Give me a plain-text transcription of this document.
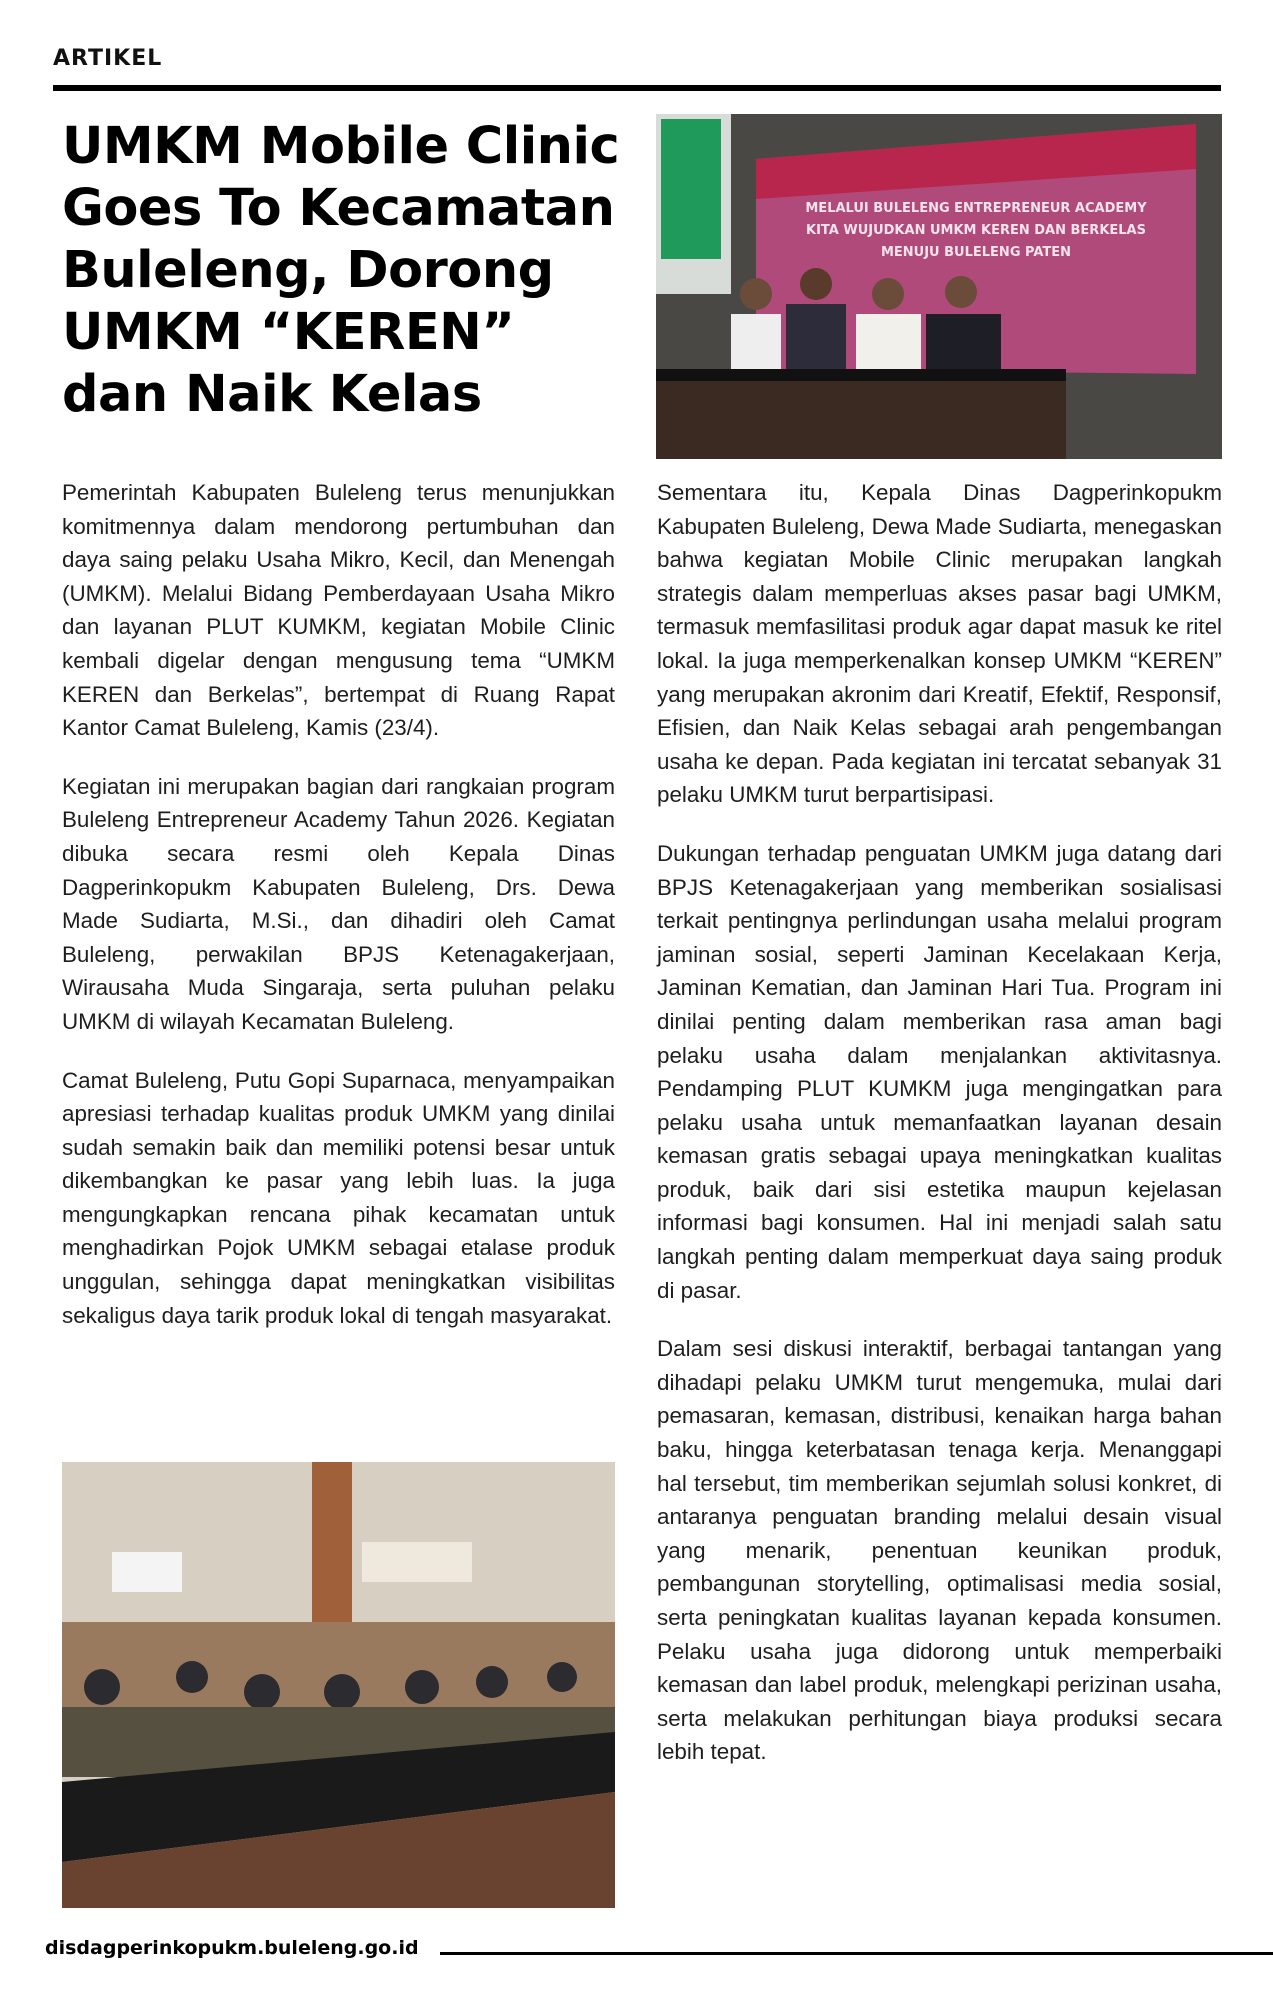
ARTIKEL
UMKM Mobile Clinic Goes To Kecamatan Buleleng, Dorong UMKM “KEREN” dan Naik Kelas
MELALUI BULELENG ENTREPRENEUR ACADEMY
KITA WUJUDKAN UMKM KEREN DAN BERKELAS
MENUJU BULELENG PATEN

Pemerintah Kabupaten Buleleng terus menunjukkan komitmennya dalam mendorong pertumbuhan dan daya saing pelaku Usaha Mikro, Kecil, dan Menengah (UMKM). Melalui Bidang Pemberdayaan Usaha Mikro dan layanan PLUT KUMKM, kegiatan Mobile Clinic kembali digelar dengan mengusung tema “UMKM KEREN dan Berkelas”, bertempat di Ruang Rapat Kantor Camat Buleleng, Kamis (23/4).

Kegiatan ini merupakan bagian dari rangkaian program Buleleng Entrepreneur Academy Tahun 2026. Kegiatan dibuka secara resmi oleh Kepala Dinas Dagperinkopukm Kabupaten Buleleng, Drs. Dewa Made Sudiarta, M.Si., dan dihadiri oleh Camat Buleleng, perwakilan BPJS Ketenagakerjaan, Wirausaha Muda Singaraja, serta puluhan pelaku UMKM di wilayah Kecamatan Buleleng.

Camat Buleleng, Putu Gopi Suparnaca, menyampaikan apresiasi terhadap kualitas produk UMKM yang dinilai sudah semakin baik dan memiliki potensi besar untuk dikembangkan ke pasar yang lebih luas. Ia juga mengungkapkan rencana pihak kecamatan untuk menghadirkan Pojok UMKM sebagai etalase produk unggulan, sehingga dapat meningkatkan visibilitas sekaligus daya tarik produk lokal di tengah masyarakat.

Sementara itu, Kepala Dinas Dagperinkopukm Kabupaten Buleleng, Dewa Made Sudiarta, menegaskan bahwa kegiatan Mobile Clinic merupakan langkah strategis dalam memperluas akses pasar bagi UMKM, termasuk memfasilitasi produk agar dapat masuk ke ritel lokal. Ia juga memperkenalkan konsep UMKM “KEREN” yang merupakan akronim dari Kreatif, Efektif, Responsif, Efisien, dan Naik Kelas sebagai arah pengembangan usaha ke depan. Pada kegiatan ini tercatat sebanyak 31 pelaku UMKM turut berpartisipasi.

Dukungan terhadap penguatan UMKM juga datang dari BPJS Ketenagakerjaan yang memberikan sosialisasi terkait pentingnya perlindungan usaha melalui program jaminan sosial, seperti Jaminan Kecelakaan Kerja, Jaminan Kematian, dan Jaminan Hari Tua. Program ini dinilai penting dalam memberikan rasa aman bagi pelaku usaha dalam menjalankan aktivitasnya. Pendamping PLUT KUMKM juga mengingatkan para pelaku usaha untuk memanfaatkan layanan desain kemasan gratis sebagai upaya meningkatkan kualitas produk, baik dari sisi estetika maupun kejelasan informasi bagi konsumen. Hal ini menjadi salah satu langkah penting dalam memperkuat daya saing produk di pasar.

Dalam sesi diskusi interaktif, berbagai tantangan yang dihadapi pelaku UMKM turut mengemuka, mulai dari pemasaran, kemasan, distribusi, kenaikan harga bahan baku, hingga keterbatasan tenaga kerja. Menanggapi hal tersebut, tim memberikan sejumlah solusi konkret, di antaranya penguatan branding melalui desain visual yang menarik, penentuan keunikan produk, pembangunan storytelling, optimalisasi media sosial, serta peningkatan kualitas layanan kepada konsumen. Pelaku usaha juga didorong untuk memperbaiki kemasan dan label produk, melengkapi perizinan usaha, serta melakukan perhitungan biaya produksi secara lebih tepat.

disdagperinkopukm.buleleng.go.id
